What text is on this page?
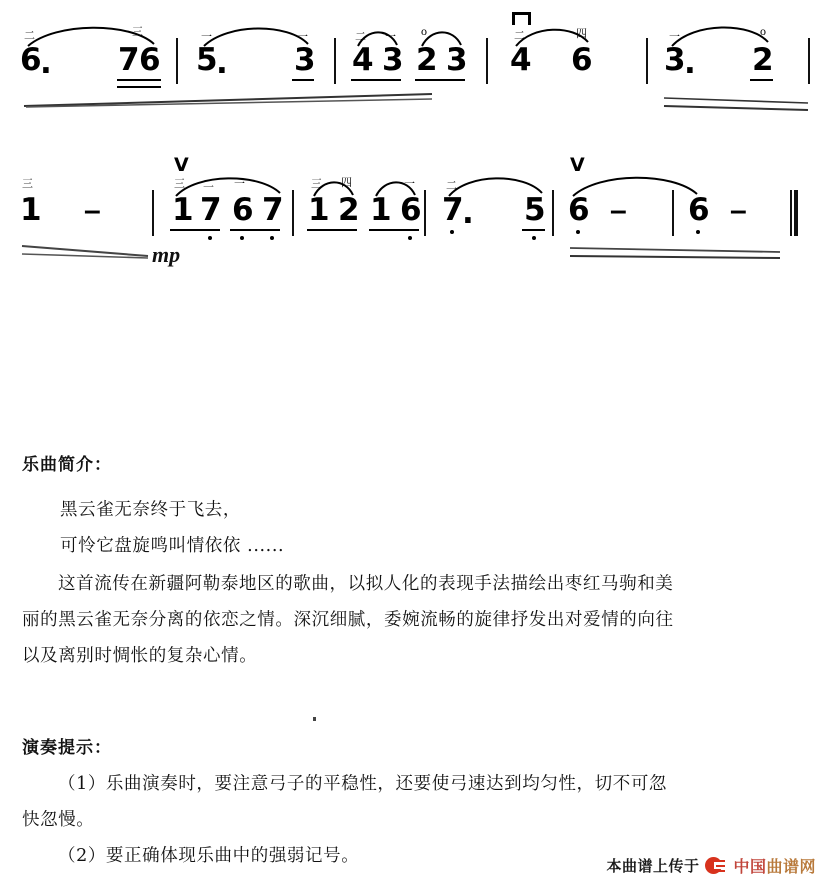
二
6
.
三
7 6
一
5
.
一
3
二
4
一
3
o
2 3
二
4
四
6
一
3
.
o
2
三
1 –
V
三
1
二
7
一
6 7
三
1
四
2
一
1 6
二
7
. 5
V
6 – 6 –
mp
乐曲简介：
黑云雀无奈终于飞去，
可怜它盘旋鸣叫情依依 ......
这首流传在新疆阿勒泰地区的歌曲，以拟人化的表现手法描绘出枣红马驹和美
丽的黑云雀无奈分离的依恋之情。深沉细腻，委婉流畅的旋律抒发出对爱情的向往
以及离别时惆怅的复杂心情。
演奏提示：
（1）乐曲演奏时，要注意弓子的平稳性，还要使弓速达到均匀性，切不可忽
快忽慢。
（2）要正确体现乐曲中的强弱记号。	本曲谱上传于 中国曲谱网
